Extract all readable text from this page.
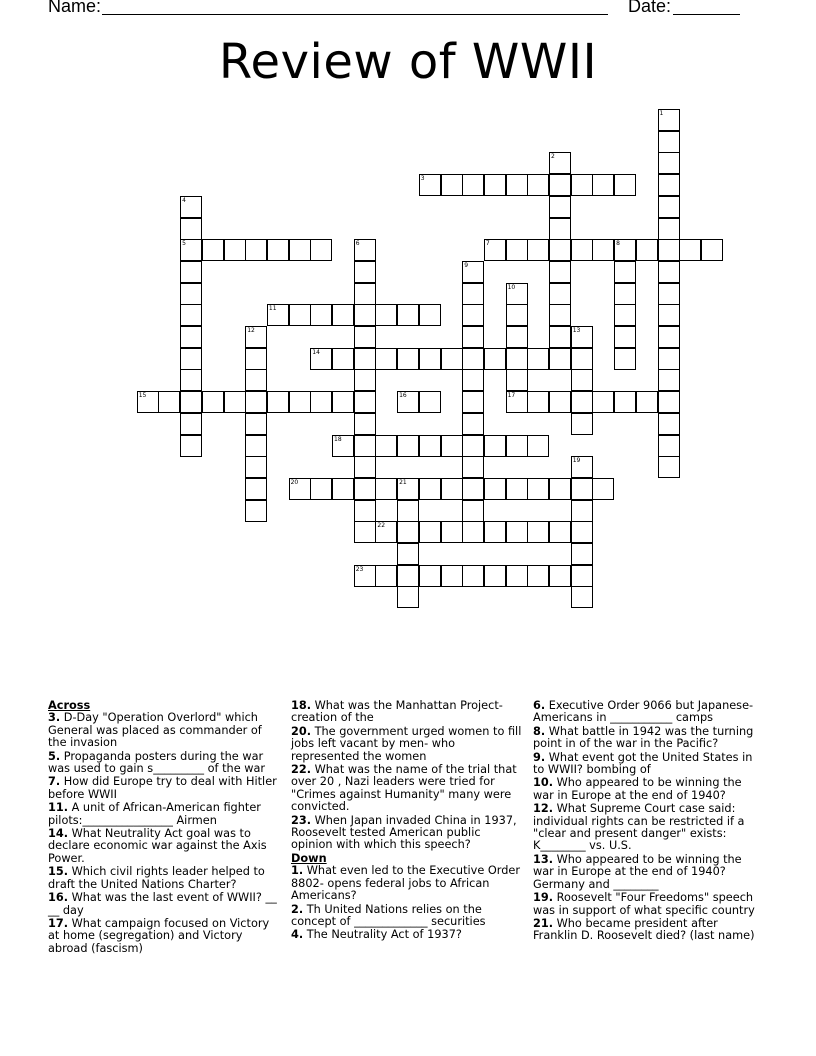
Name:	Date:
Review of WWII
1
2
3
4
5	6	7	8
9
10
17
11
12	13
14
15	16
18
19
20	21
22
23
Across
3. D-Day "Operation Overlord" which General was placed as commander of the invasion
5. Propaganda posters during the war was used to gain s_________ of the war
7. How did Europe try to deal with Hitler before WWII
11. A unit of African-American fighter pilots:________________ Airmen
14. What Neutrality Act goal was to declare economic war against the Axis Power.
15. Which civil rights leader helped to draft the United Nations Charter?
16. What was the last event of WWII? __ __ day
17. What campaign focused on Victory at home (segregation) and Victory abroad (fascism)
18. What was the Manhattan Project- creation of the
20. The government urged women to fill jobs left vacant by men- who represented the women
22. What was the name of the trial that over 20 , Nazi leaders were tried for "Crimes against Humanity" many were convicted.
23. When Japan invaded China in 1937, Roosevelt tested American public opinion with which this speech?
Down
1. What even led to the Executive Order 8802- opens federal jobs to African Americans?
2. Th United Nations relies on the concept of _____________ securities
4. The Neutrality Act of 1937?
6. Executive Order 9066 but Japanese-Americans in ___________ camps
8. What battle in 1942 was the turning point in of the war in the Pacific?
9. What event got the United States in to WWII? bombing of
10. Who appeared to be winning the war in Europe at the end of 1940?
12. What Supreme Court case said: individual rights can be restricted if a "clear and present danger" exists: K________ vs. U.S.
13. Who appeared to be winning the war in Europe at the end of 1940? Germany and ________
19. Roosevelt "Four Freedoms" speech was in support of what specific country
21. Who became president after Franklin D. Roosevelt died? (last name)
